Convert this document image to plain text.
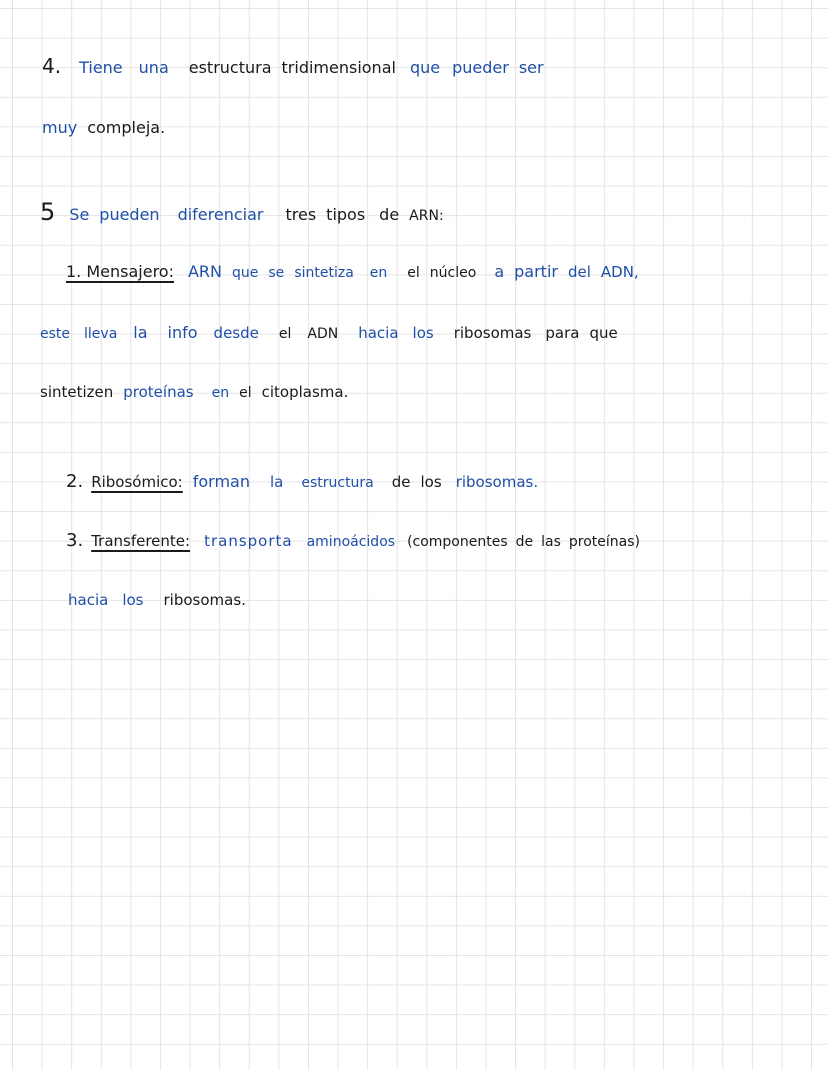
4. Tiene una estructura tridimensional que pueder ser
muy compleja.
5 Se pueden diferenciar tres tipos de ARN:
1. Mensajero: ARN que se sintetiza en el núcleo a partir del ADN,
este lleva la info desde el ADN hacia los ribosomas para que
sintetizen proteínas en el citoplasma.
2. Ribosómico: forman la estructura de los ribosomas.
3. Transferente: transporta aminoácidos (componentes de las proteínas)
hacia los ribosomas.
